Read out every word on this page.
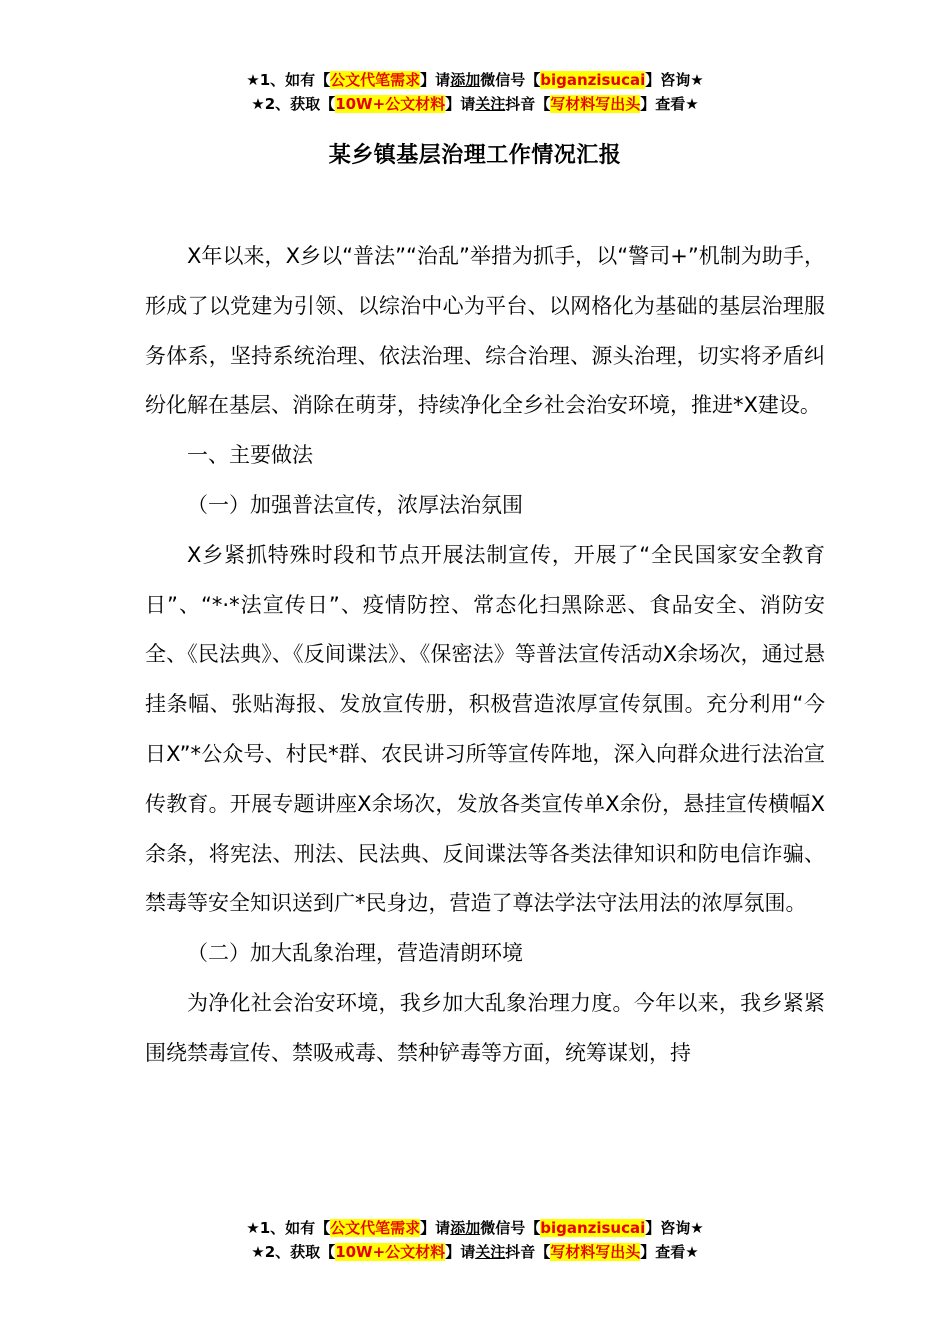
★1、如有【公文代笔需求】请添加微信号【biganzisucai】咨询★
★2、获取【10W+公文材料】请关注抖音【写材料写出头】查看★
某乡镇基层治理工作情况汇报

X年以来，X乡以“普法”“治乱”举措为抓手，以“警司+”机制为助手，形成了以党建为引领、以综治中心为平台、以网格化为基础的基层治理服务体系，坚持系统治理、依法治理、综合治理、源头治理，切实将矛盾纠纷化解在基层、消除在萌芽，持续净化全乡社会治安环境，推进*X建设。

一、主要做法

（一）加强普法宣传，浓厚法治氛围

X乡紧抓特殊时段和节点开展法制宣传，开展了“全民国家安全教育日”、“*·*法宣传日”、疫情防控、常态化扫黑除恶、食品安全、消防安全、《民法典》、《反间谍法》、《保密法》等普法宣传活动X余场次，通过悬挂条幅、张贴海报、发放宣传册，积极营造浓厚宣传氛围。充分利用“今日X”*公众号、村民*群、农民讲习所等宣传阵地，深入向群众进行法治宣传教育。开展专题讲座X余场次，发放各类宣传单X余份，悬挂宣传横幅X余条，将宪法、刑法、民法典、反间谍法等各类法律知识和防电信诈骗、禁毒等安全知识送到广*民身边，营造了尊法学法守法用法的浓厚氛围。

（二）加大乱象治理，营造清朗环境

为净化社会治安环境，我乡加大乱象治理力度。今年以来，我乡紧紧围绕禁毒宣传、禁吸戒毒、禁种铲毒等方面，统筹谋划，持

★1、如有【公文代笔需求】请添加微信号【biganzisucai】咨询★
★2、获取【10W+公文材料】请关注抖音【写材料写出头】查看★
